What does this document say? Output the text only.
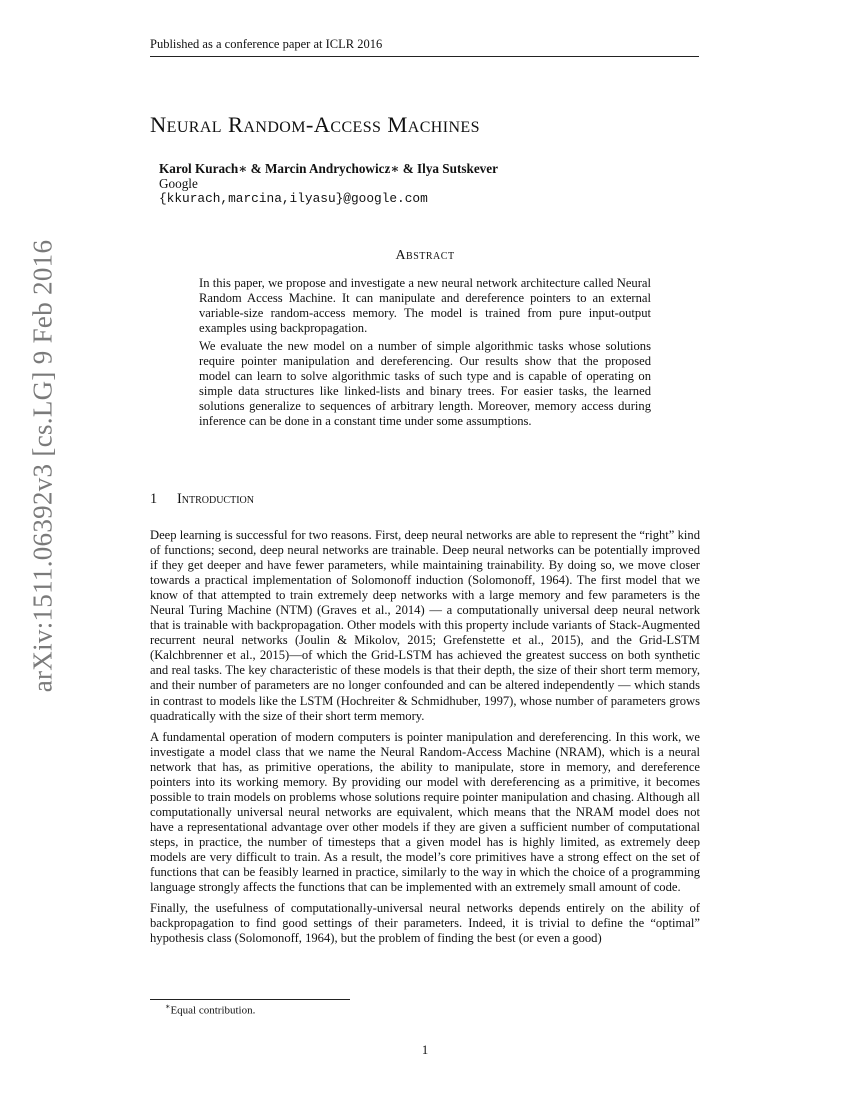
Published as a conference paper at ICLR 2016
Neural Random-Access Machines
Karol Kurach∗ & Marcin Andrychowicz∗ & Ilya Sutskever
Google
{kkurach,marcina,ilyasu}@google.com
Abstract

In this paper, we propose and investigate a new neural network architecture called Neural Random Access Machine. It can manipulate and dereference pointers to an external variable-size random-access memory. The model is trained from pure input-output examples using backpropagation.

We evaluate the new model on a number of simple algorithmic tasks whose solutions require pointer manipulation and dereferencing. Our results show that the proposed model can learn to solve algorithmic tasks of such type and is capable of operating on simple data structures like linked-lists and binary trees. For easier tasks, the learned solutions generalize to sequences of arbitrary length. Moreover, memory access during inference can be done in a constant time under some assumptions.

1 Introduction

Deep learning is successful for two reasons. First, deep neural networks are able to represent the “right” kind of functions; second, deep neural networks are trainable. Deep neural networks can be potentially improved if they get deeper and have fewer parameters, while maintaining trainability. By doing so, we move closer towards a practical implementation of Solomonoff induction (Solomonoff, 1964). The first model that we know of that attempted to train extremely deep networks with a large memory and few parameters is the Neural Turing Machine (NTM) (Graves et al., 2014) — a computationally universal deep neural network that is trainable with backpropagation. Other models with this property include variants of Stack-Augmented recurrent neural networks (Joulin & Mikolov, 2015; Grefenstette et al., 2015), and the Grid-LSTM (Kalchbrenner et al., 2015)—of which the Grid-LSTM has achieved the greatest success on both synthetic and real tasks. The key characteristic of these models is that their depth, the size of their short term memory, and their number of parameters are no longer confounded and can be altered independently — which stands in contrast to models like the LSTM (Hochreiter & Schmidhuber, 1997), whose number of parameters grows quadratically with the size of their short term memory.

A fundamental operation of modern computers is pointer manipulation and dereferencing. In this work, we investigate a model class that we name the Neural Random-Access Machine (NRAM), which is a neural network that has, as primitive operations, the ability to manipulate, store in memory, and dereference pointers into its working memory. By providing our model with dereferencing as a primitive, it becomes possible to train models on problems whose solutions require pointer manipulation and chasing. Although all computationally universal neural networks are equivalent, which means that the NRAM model does not have a representational advantage over other models if they are given a sufficient number of computational steps, in practice, the number of timesteps that a given model has is highly limited, as extremely deep models are very difficult to train. As a result, the model’s core primitives have a strong effect on the set of functions that can be feasibly learned in practice, similarly to the way in which the choice of a programming language strongly affects the functions that can be implemented with an extremely small amount of code.

Finally, the usefulness of computationally-universal neural networks depends entirely on the ability of backpropagation to find good settings of their parameters. Indeed, it is trivial to define the “optimal” hypothesis class (Solomonoff, 1964), but the problem of finding the best (or even a good)

∗Equal contribution.
1
arXiv:1511.06392v3 [cs.LG] 9 Feb 2016
